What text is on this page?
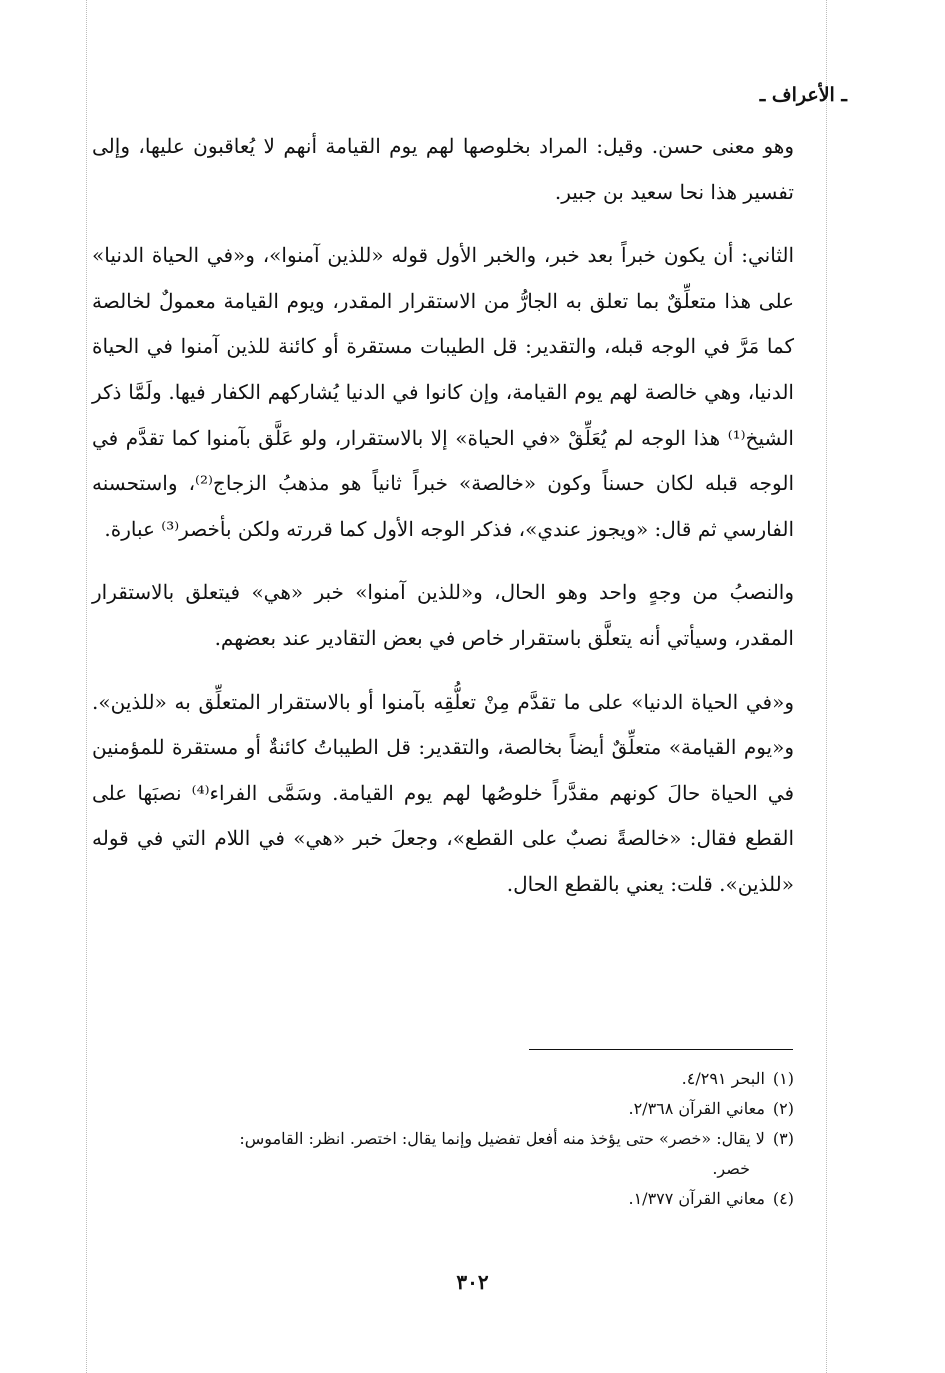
ـ الأعراف ـ

وهو معنى حسن. وقيل: المراد بخلوصها لهم يوم القيامة أنهم لا يُعاقبون عليها، وإلى تفسير هذا نحا سعيد بن جبير.

الثاني: أن يكون خبراً بعد خبر، والخبر الأول قوله «للذين آمنوا»، و«في الحياة الدنيا» على هذا متعلِّقٌ بما تعلق به الجارُّ من الاستقرار المقدر، ويوم القيامة معمولٌ لخالصة كما مَرَّ في الوجه قبله، والتقدير: قل الطيبات مستقرة أو كائنة للذين آمنوا في الحياة الدنيا، وهي خالصة لهم يوم القيامة، وإن كانوا في الدنيا يُشاركهم الكفار فيها. ولَمَّا ذكر الشيخ⁽¹⁾ هذا الوجه لم يُعَلِّقْ «في الحياة» إلا بالاستقرار، ولو عَلَّق بآمنوا كما تقدَّم في الوجه قبله لكان حسناً وكون «خالصة» خبراً ثانياً هو مذهبُ الزجاج⁽²⁾، واستحسنه الفارسي ثم قال: «ويجوز عندي»، فذكر الوجه الأول كما قررته ولكن بأخصر⁽³⁾ عبارة.

والنصبُ من وجهٍ واحد وهو الحال، و«للذين آمنوا» خبر «هي» فيتعلق بالاستقرار المقدر، وسيأتي أنه يتعلَّق باستقرار خاص في بعض التقادير عند بعضهم.

و«في الحياة الدنيا» على ما تقدَّم مِنْ تعلُّقِه بآمنوا أو بالاستقرار المتعلِّق به «للذين». و«يوم القيامة» متعلِّقٌ أيضاً بخالصة، والتقدير: قل الطيباتُ كائنةٌ أو مستقرة للمؤمنين في الحياة حالَ كونهم مقدَّراً خلوصُها لهم يوم القيامة. وسَمَّى الفراء⁽⁴⁾ نصبَها على القطع فقال: «خالصةً نصبٌ على القطع»، وجعلَ خبر «هي» في اللام التي في قوله «للذين». قلت: يعني بالقطع الحال.

(١)البحر ٤/٢٩١.

(٢)معاني القرآن ٢/٣٦٨.

(٣)لا يقال: «خصر» حتى يؤخذ منه أفعل تفضيل وإنما يقال: اختصر. انظر: القاموس:

خصر.

(٤)معاني القرآن ١/٣٧٧.

٣٠٢
